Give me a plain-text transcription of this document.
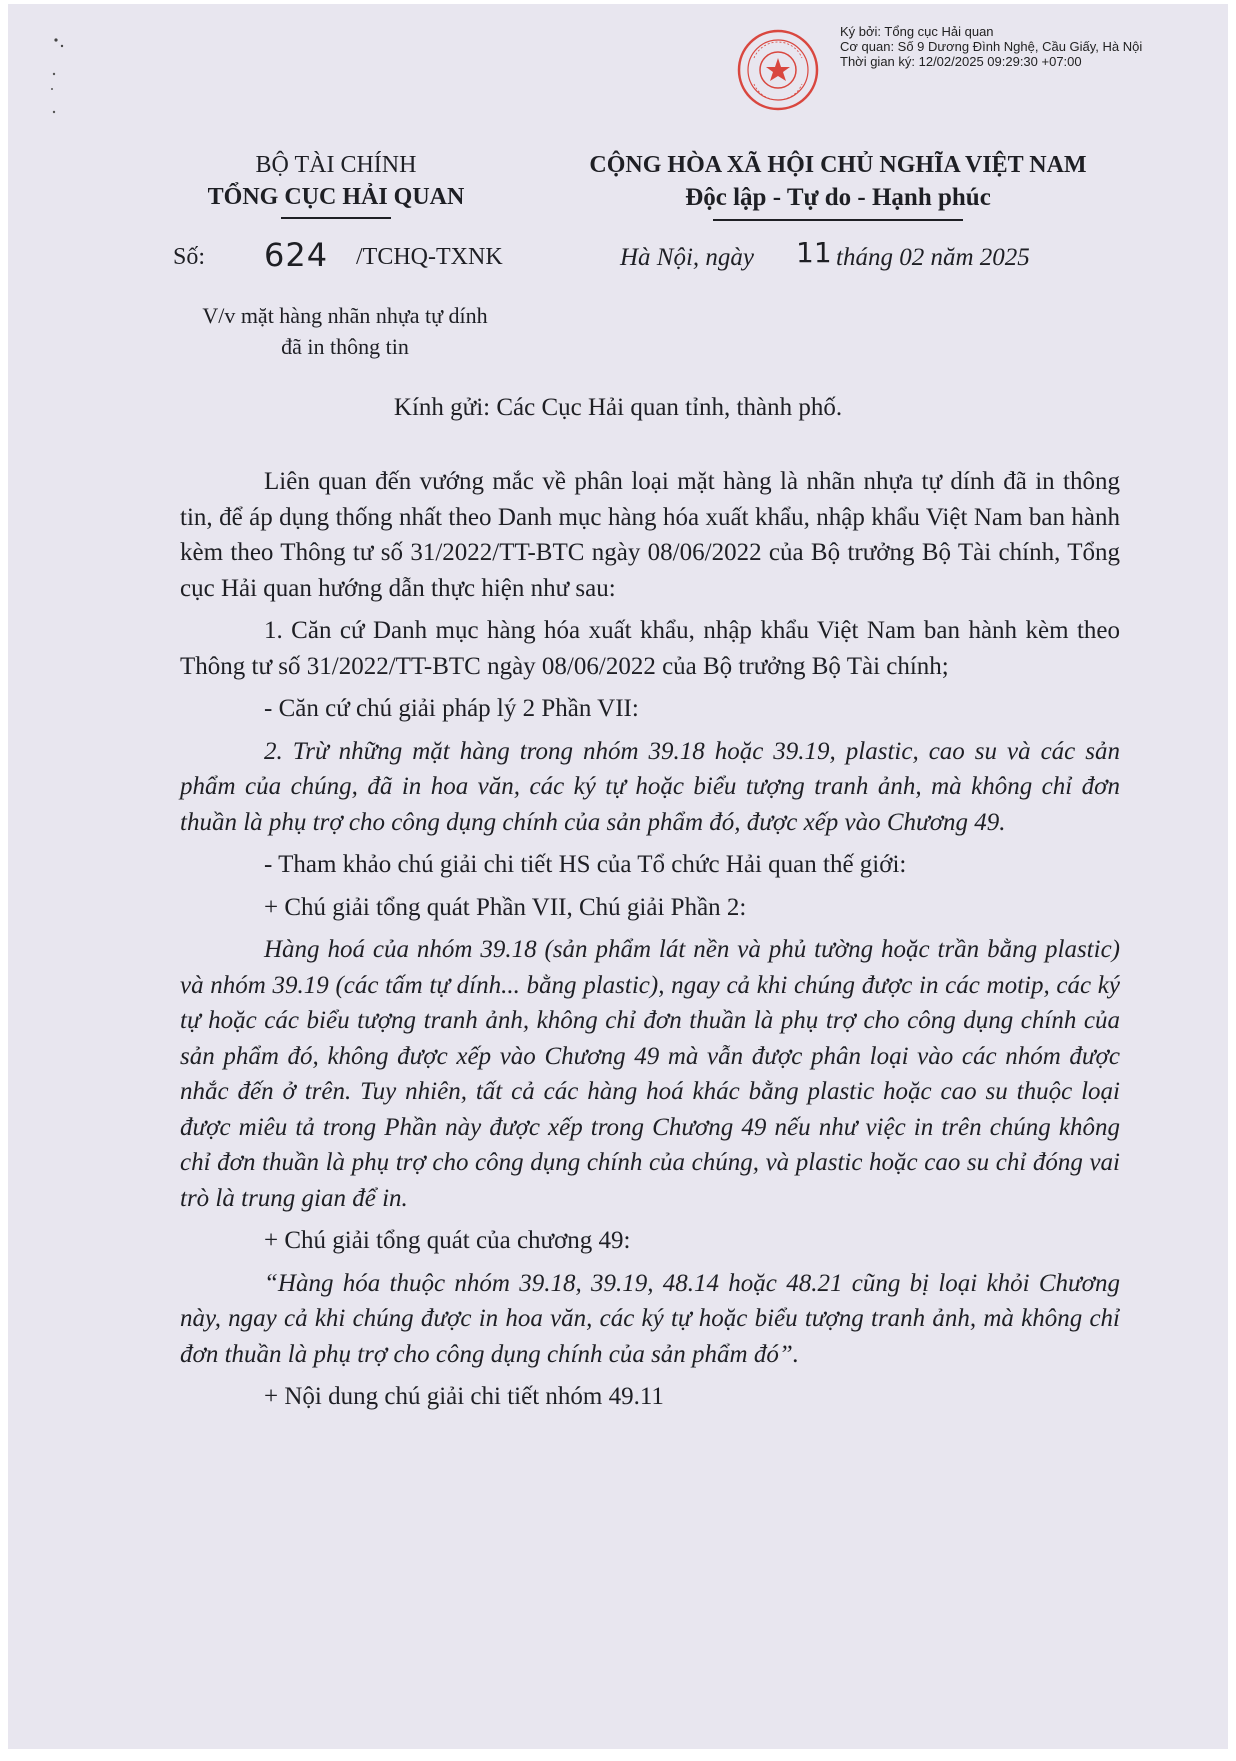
Ký bởi: Tổng cục Hải quan
Cơ quan: Số 9 Dương Đình Nghệ, Cầu Giấy, Hà Nội
Thời gian ký: 12/02/2025 09:29:30 +07:00
BỘ TÀI CHÍNH
TỔNG CỤC HẢI QUAN
CỘNG HÒA XÃ HỘI CHỦ NGHĨA VIỆT NAM
Độc lập - Tự do - Hạnh phúc
Số: 624 /TCHQ-TXNK	Hà Nội, ngày 11 tháng 02 năm 2025
V/v mặt hàng nhãn nhựa tự dính
đã in thông tin
Kính gửi: Các Cục Hải quan tỉnh, thành phố.

Liên quan đến vướng mắc về phân loại mặt hàng là nhãn nhựa tự dính đã in thông tin, để áp dụng thống nhất theo Danh mục hàng hóa xuất khẩu, nhập khẩu Việt Nam ban hành kèm theo Thông tư số 31/2022/TT-BTC ngày 08/06/2022 của Bộ trưởng Bộ Tài chính, Tổng cục Hải quan hướng dẫn thực hiện như sau:

1. Căn cứ Danh mục hàng hóa xuất khẩu, nhập khẩu Việt Nam ban hành kèm theo Thông tư số 31/2022/TT-BTC ngày 08/06/2022 của Bộ trưởng Bộ Tài chính;

- Căn cứ chú giải pháp lý 2 Phần VII:

2. Trừ những mặt hàng trong nhóm 39.18 hoặc 39.19, plastic, cao su và các sản phẩm của chúng, đã in hoa văn, các ký tự hoặc biểu tượng tranh ảnh, mà không chỉ đơn thuần là phụ trợ cho công dụng chính của sản phẩm đó, được xếp vào Chương 49.

- Tham khảo chú giải chi tiết HS của Tổ chức Hải quan thế giới:

+ Chú giải tổng quát Phần VII, Chú giải Phần 2:

Hàng hoá của nhóm 39.18 (sản phẩm lát nền và phủ tường hoặc trần bằng plastic) và nhóm 39.19 (các tấm tự dính... bằng plastic), ngay cả khi chúng được in các motip, các ký tự hoặc các biểu tượng tranh ảnh, không chỉ đơn thuần là phụ trợ cho công dụng chính của sản phẩm đó, không được xếp vào Chương 49 mà vẫn được phân loại vào các nhóm được nhắc đến ở trên. Tuy nhiên, tất cả các hàng hoá khác bằng plastic hoặc cao su thuộc loại được miêu tả trong Phần này được xếp trong Chương 49 nếu như việc in trên chúng không chỉ đơn thuần là phụ trợ cho công dụng chính của chúng, và plastic hoặc cao su chỉ đóng vai trò là trung gian để in.

+ Chú giải tổng quát của chương 49:

“Hàng hóa thuộc nhóm 39.18, 39.19, 48.14 hoặc 48.21 cũng bị loại khỏi Chương này, ngay cả khi chúng được in hoa văn, các ký tự hoặc biểu tượng tranh ảnh, mà không chỉ đơn thuần là phụ trợ cho công dụng chính của sản phẩm đó”.

+ Nội dung chú giải chi tiết nhóm 49.11
